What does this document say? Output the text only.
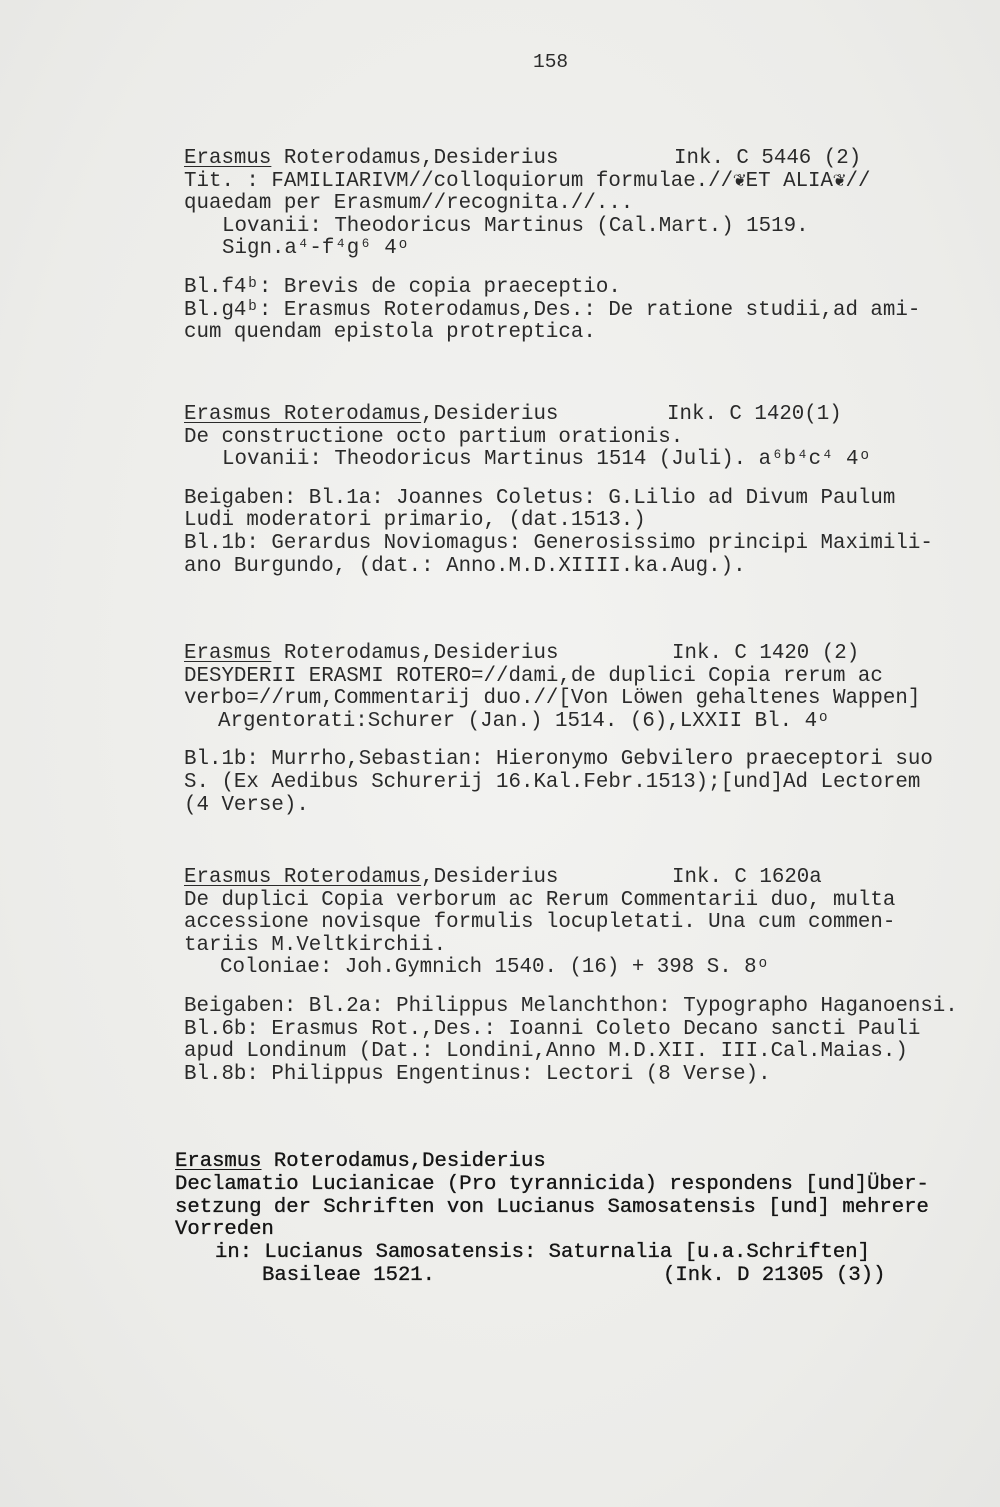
158
Erasmus Roterodamus,Desiderius	Ink. C 5446 (2)
Tit. : FAMILIARIVM//colloquiorum formulae.//❦ET ALIA❦//
quaedam per Erasmum//recognita.//...
Lovanii: Theodoricus Martinus (Cal.Mart.) 1519.
Sign.a⁴-f⁴g⁶ 4ᵒ
Bl.f4ᵇ: Brevis de copia praeceptio.
Bl.g4ᵇ: Erasmus Roterodamus,Des.: De ratione studii,ad ami-
cum quendam epistola protreptica.
Erasmus Roterodamus,Desiderius	Ink. C 1420(1)
De constructione octo partium orationis.
Lovanii: Theodoricus Martinus 1514 (Juli). a⁶b⁴c⁴ 4ᵒ
Beigaben: Bl.1a: Joannes Coletus: G.Lilio ad Divum Paulum
Ludi moderatori primario, (dat.1513.)
Bl.1b: Gerardus Noviomagus: Generosissimo principi Maximili-
ano Burgundo, (dat.: Anno.M.D.XIIII.ka.Aug.).
Erasmus Roterodamus,Desiderius	Ink. C 1420 (2)
DESYDERII ERASMI ROTERO=//dami,de duplici Copia rerum ac
verbo=//rum,Commentarij duo.//[Von Löwen gehaltenes Wappen]
Argentorati:Schurer (Jan.) 1514. (6),LXXII Bl. 4ᵒ
Bl.1b: Murrho,Sebastian: Hieronymo Gebvilero praeceptori suo
S. (Ex Aedibus Schurerij 16.Kal.Febr.1513);[und]Ad Lectorem
(4 Verse).
Erasmus Roterodamus,Desiderius	Ink. C 1620a
De duplici Copia verborum ac Rerum Commentarii duo, multa
accessione novisque formulis locupletati. Una cum commen-
tariis M.Veltkirchii.
Coloniae: Joh.Gymnich 1540. (16) + 398 S. 8ᵒ
Beigaben: Bl.2a: Philippus Melanchthon: Typographo Haganoensi.
Bl.6b: Erasmus Rot.,Des.: Ioanni Coleto Decano sancti Pauli
apud Londinum (Dat.: Londini,Anno M.D.XII. III.Cal.Maias.)
Bl.8b: Philippus Engentinus: Lectori (8 Verse).
Erasmus Roterodamus,Desiderius
Declamatio Lucianicae (Pro tyrannicida) respondens [und]Über-
setzung der Schriften von Lucianus Samosatensis [und] mehrere
Vorreden
in: Lucianus Samosatensis: Saturnalia [u.a.Schriften]
Basileae 1521.	(Ink. D 21305 (3))
